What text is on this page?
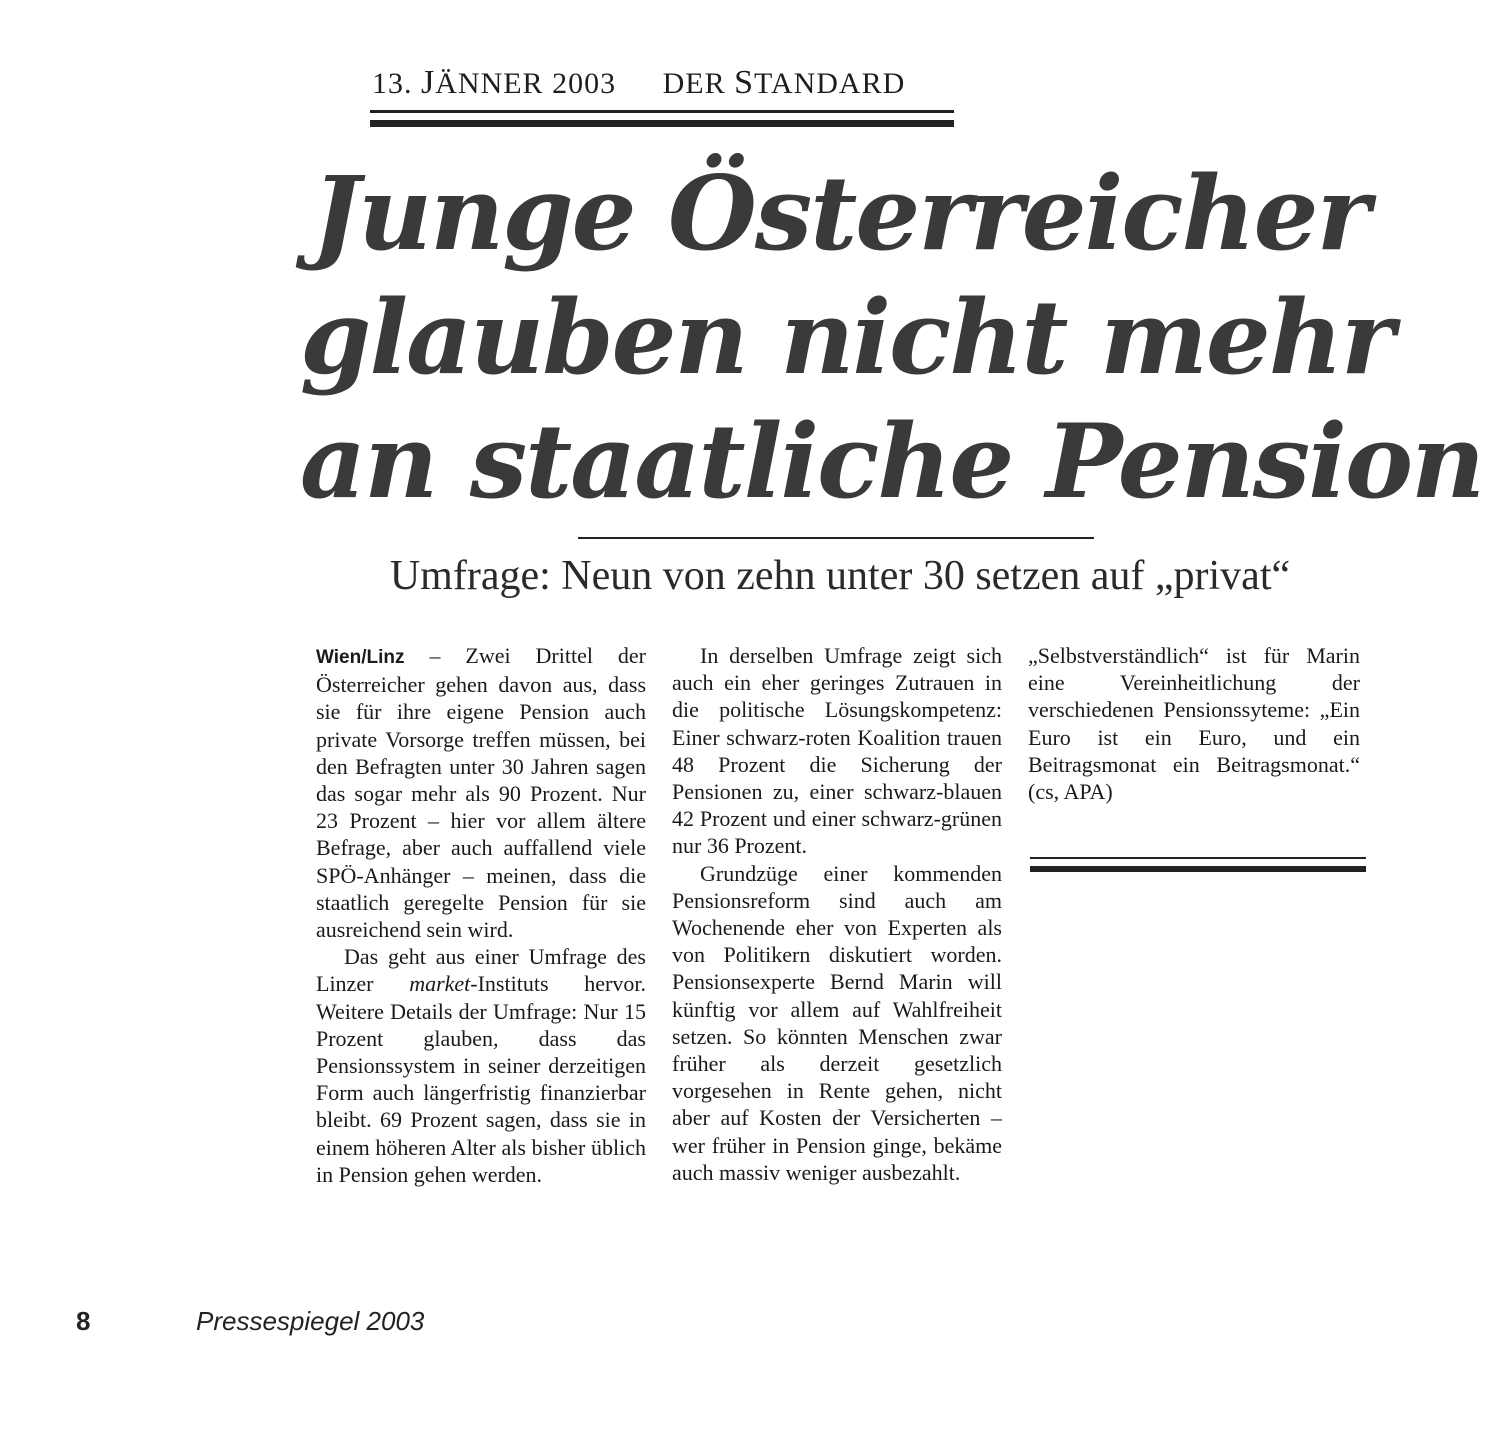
13. JÄNNER 2003 DER STANDARD
Junge Österreicher
glauben nicht mehr
an staatliche Pension
Umfrage: Neun von zehn unter 30 setzen auf „privat“

Wien/Linz – Zwei Drittel der Österreicher gehen davon aus, dass sie für ihre eigene Pension auch private Vorsorge treffen müssen, bei den Befragten unter 30 Jahren sagen das sogar mehr als 90 Prozent. Nur 23 Prozent – hier vor allem ältere Befrage, aber auch auffallend viele SPÖ-Anhänger – meinen, dass die staatlich geregelte Pension für sie ausreichend sein wird.

Das geht aus einer Umfrage des Linzer market-Instituts hervor. Weitere Details der Umfrage: Nur 15 Prozent glauben, dass das Pensionssystem in seiner derzeitigen Form auch längerfristig finanzierbar bleibt. 69 Prozent sagen, dass sie in einem höheren Alter als bisher üblich in Pension gehen werden.

In derselben Umfrage zeigt sich auch ein eher geringes Zutrauen in die politische Lösungskompetenz: Einer schwarz-roten Koalition trauen 48 Prozent die Sicherung der Pensionen zu, einer schwarz-blauen 42 Prozent und einer schwarz-grünen nur 36 Prozent.

Grundzüge einer kommenden Pensionsreform sind auch am Wochenende eher von Experten als von Politikern diskutiert worden. Pensionsexperte Bernd Marin will künftig vor allem auf Wahlfreiheit setzen. So könnten Menschen zwar früher als derzeit gesetzlich vorgesehen in Rente gehen, nicht aber auf Kosten der Versicherten – wer früher in Pension ginge, bekäme auch massiv weniger ausbezahlt.

„Selbstverständlich“ ist für Marin eine Vereinheitlichung der verschiedenen Pensionssyteme: „Ein Euro ist ein Euro, und ein Beitragsmonat ein Beitragsmonat.“ (cs, APA)

8	Pressespiegel 2003
